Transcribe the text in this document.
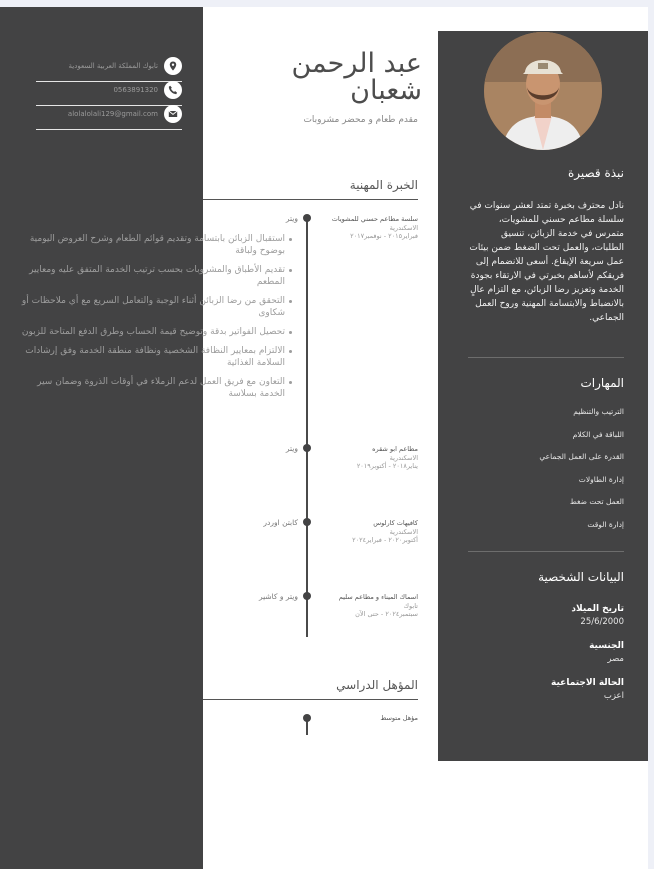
تابوك المملكة العربية السعودية
0563891320
alolalolali129@gmail.com
عبد الرحمن
شعبان
مقدم طعام و محضر مشروبات
الخبرة المهنية
سلسة مطاعم حسني للمشويات
الاسكندرية
فبراير٢٠١٥ - نوفمبر٢٠١٧
ويتر
استقبال الزبائن بابتسامة وتقديم قوائم الطعام وشرح العروض اليومية بوضوح ولباقة
تقديم الأطباق والمشروبات بحسب ترتيب الخدمة المتفق عليه ومعايير المطعم
التحقق من رضا الزبائن أثناء الوجبة والتعامل السريع مع أي ملاحظات أو شكاوى
تحصيل الفواتير بدقة وتوضيح قيمة الحساب وطرق الدفع المتاحة للزبون
الالتزام بمعايير النظافة الشخصية ونظافة منطقة الخدمة وفق إرشادات السلامة الغذائية
التعاون مع فريق العمل لدعم الزملاء في أوقات الذروة وضمان سير الخدمة بسلاسة
مطاعم ابو شقره
الاسكندرية
يناير٢٠١٨ - أكتوبر٢٠١٩
ويتر
كافيهات كارلوس
الاسكندرية
أكتوبر٢٠٢٠ - فبراير٢٠٢٤
كابتن اوردر
اسماك الميناء و مطاعم سليم
تابوك
سبتمبر٢٠٢٤ - حتى الآن
ويتر و كاشير
المؤهل الدراسي
مؤهل متوسط
نبذة قصيرة

نادل محترف بخبرة تمتد لعشر سنوات في سلسلة مطاعم حسني للمشويات، متمرس في خدمة الزبائن، تنسيق الطلبات، والعمل تحت الضغط ضمن بيئات عمل سريعة الإيقاع. أسعى للانضمام إلى فريقكم لأساهم بخبرتي في الارتقاء بجودة الخدمة وتعزيز رضا الزبائن، مع التزام عالٍ بالانضباط والابتسامة المهنية وروح العمل الجماعي.

المهارات
الترتيب والتنظيم
اللباقة في الكلام
القدرة على العمل الجماعي
إدارة الطاولات
العمل تحت ضغط
إدارة الوقت
البيانات الشخصية
تاريخ الميلاد
25/6/2000
الجنسية
مصر
الحالة الاجتماعية
اعزب
